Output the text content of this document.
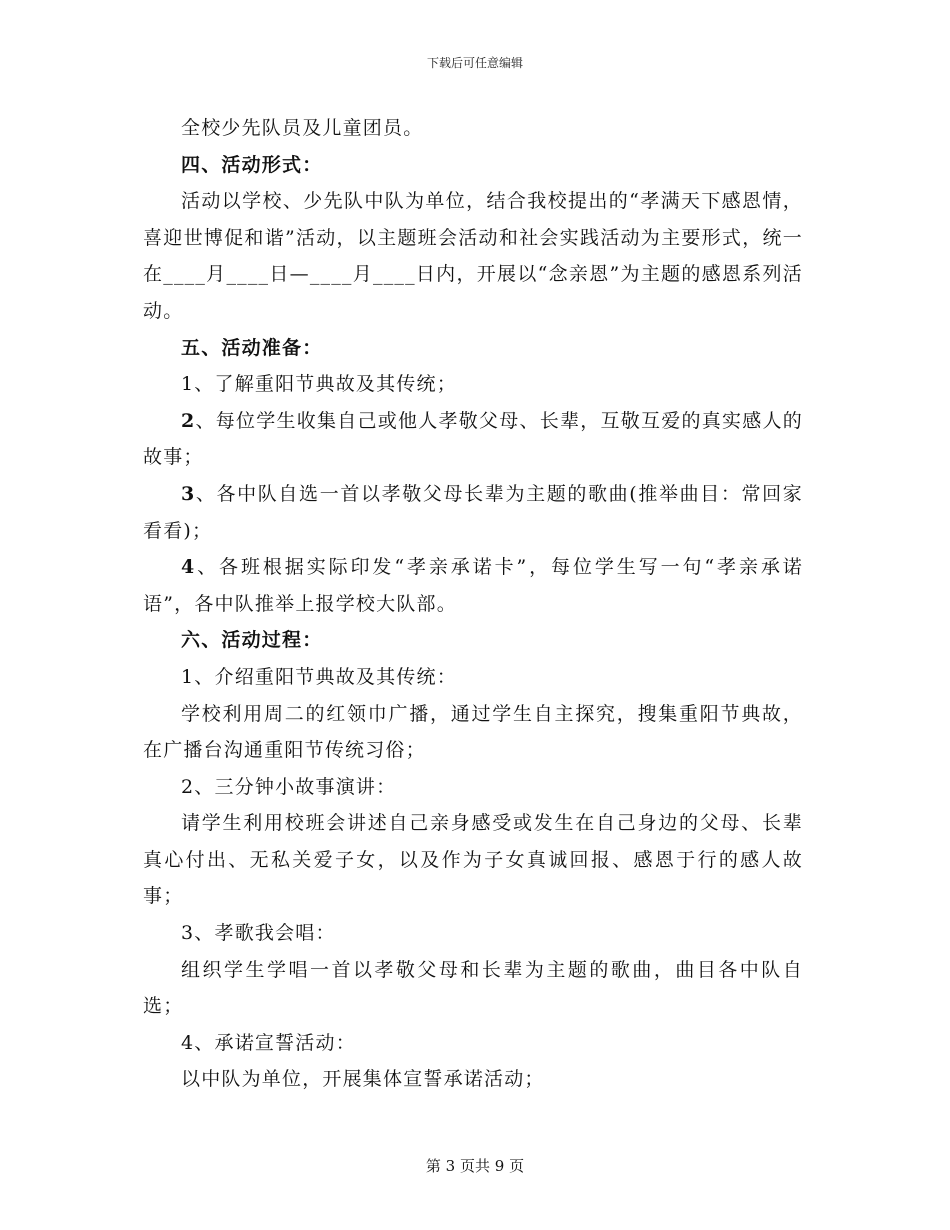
下载后可任意编辑

全校少先队员及儿童团员。

四、活动形式：

活动以学校、少先队中队为单位，结合我校提出的“孝满天下感恩情，喜迎世博促和谐”活动，以主题班会活动和社会实践活动为主要形式，统一在____月____日—____月____日内，开展以“念亲恩”为主题的感恩系列活动。

五、活动准备：

1、了解重阳节典故及其传统；

2、每位学生收集自己或他人孝敬父母、长辈，互敬互爱的真实感人的故事；

3、各中队自选一首以孝敬父母长辈为主题的歌曲(推举曲目：常回家看看)；

4、各班根据实际印发“孝亲承诺卡”，每位学生写一句“孝亲承诺语”，各中队推举上报学校大队部。

六、活动过程：

1、介绍重阳节典故及其传统：

学校利用周二的红领巾广播，通过学生自主探究，搜集重阳节典故，在广播台沟通重阳节传统习俗；

2、三分钟小故事演讲：

请学生利用校班会讲述自己亲身感受或发生在自己身边的父母、长辈真心付出、无私关爱子女，以及作为子女真诚回报、感恩于行的感人故事；

3、孝歌我会唱：

组织学生学唱一首以孝敬父母和长辈为主题的歌曲，曲目各中队自选；

4、承诺宣誓活动：

以中队为单位，开展集体宣誓承诺活动；

第 3 页共 9 页
